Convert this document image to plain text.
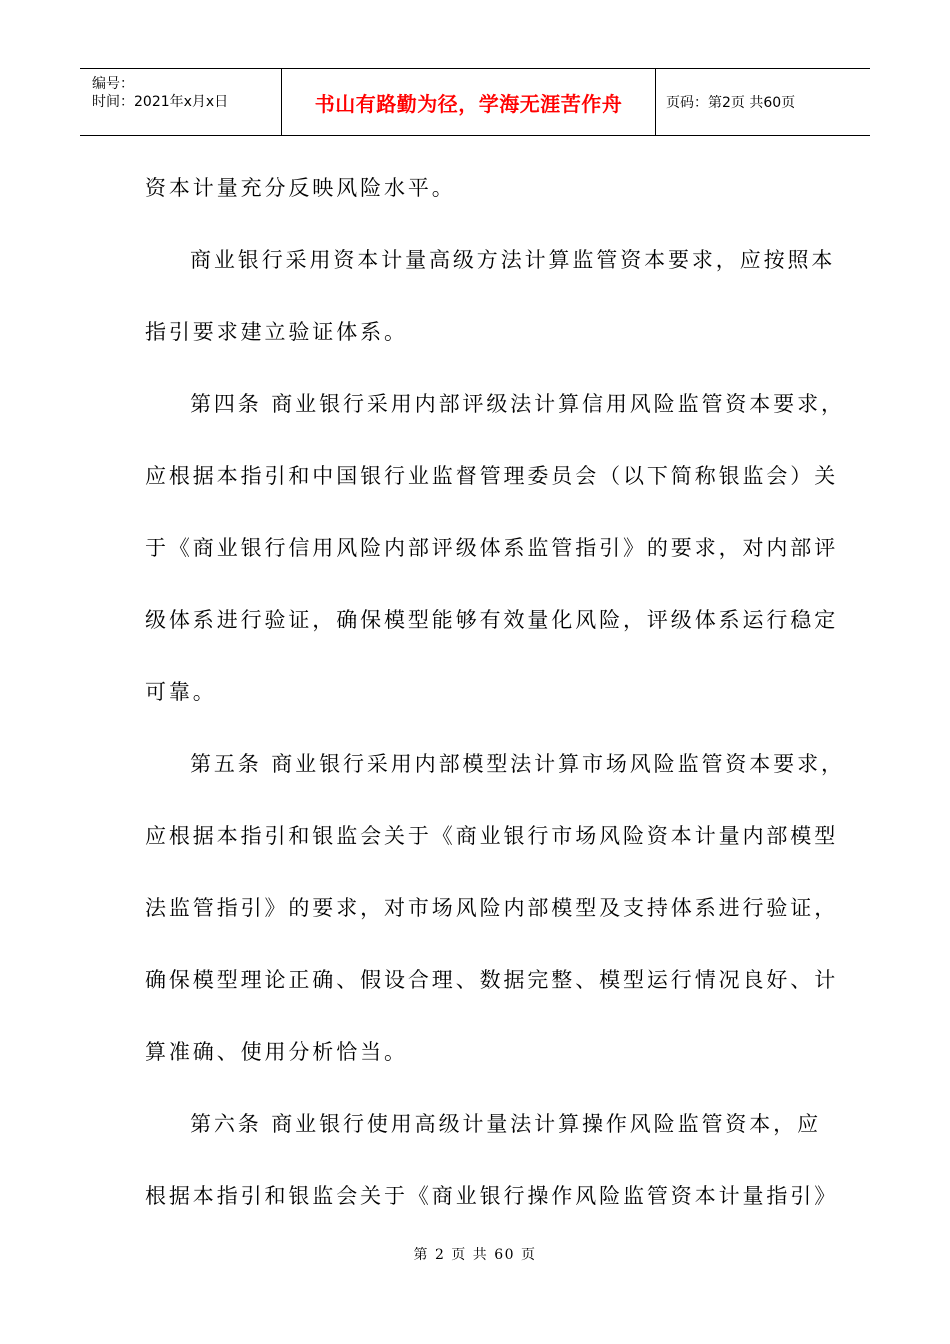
编号：
时间：2021年x月x日	书山有路勤为径，学海无涯苦作舟	页码：第2页 共60页
资本计量充分反映风险水平。
商业银行采用资本计量高级方法计算监管资本要求，应按照本
指引要求建立验证体系。
第四条 商业银行采用内部评级法计算信用风险监管资本要求，
应根据本指引和中国银行业监督管理委员会（以下简称银监会）关
于《商业银行信用风险内部评级体系监管指引》的要求，对内部评
级体系进行验证，确保模型能够有效量化风险，评级体系运行稳定
可靠。
第五条 商业银行采用内部模型法计算市场风险监管资本要求，
应根据本指引和银监会关于《商业银行市场风险资本计量内部模型
法监管指引》的要求，对市场风险内部模型及支持体系进行验证，
确保模型理论正确、假设合理、数据完整、模型运行情况良好、计
算准确、使用分析恰当。
第六条 商业银行使用高级计量法计算操作风险监管资本，应
根据本指引和银监会关于《商业银行操作风险监管资本计量指引》
第 2 页 共 60 页
